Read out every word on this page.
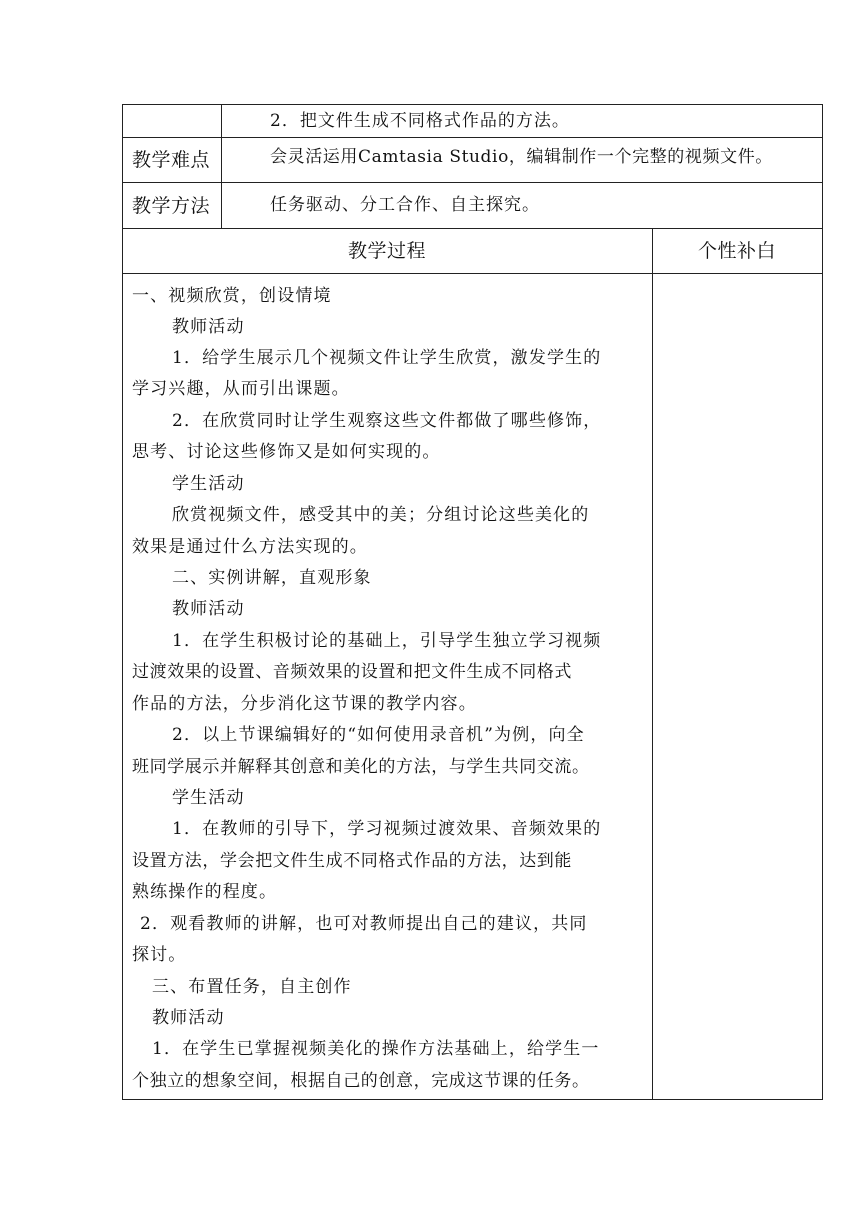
2．把文件生成不同格式作品的方法。
教学难点	会灵活运用Camtasia Studio，编辑制作一个完整的视频文件。
教学方法	任务驱动、分工合作、自主探究。
教学过程	个性补白
一、视频欣赏，创设情境
教师活动
1．给学生展示几个视频文件让学生欣赏，激发学生的
学习兴趣，从而引出课题。
2．在欣赏同时让学生观察这些文件都做了哪些修饰，
思考、讨论这些修饰又是如何实现的。
学生活动
欣赏视频文件，感受其中的美；分组讨论这些美化的
效果是通过什么方法实现的。
二、实例讲解，直观形象
教师活动
1．在学生积极讨论的基础上，引导学生独立学习视频
过渡效果的设置、音频效果的设置和把文件生成不同格式
作品的方法，分步消化这节课的教学内容。
2．以上节课编辑好的“如何使用录音机”为例，向全
班同学展示并解释其创意和美化的方法，与学生共同交流。
学生活动
1．在教师的引导下，学习视频过渡效果、音频效果的
设置方法，学会把文件生成不同格式作品的方法，达到能
熟练操作的程度。
2．观看教师的讲解，也可对教师提出自己的建议，共同
探讨。
三、布置任务，自主创作
教师活动
1．在学生已掌握视频美化的操作方法基础上，给学生一
个独立的想象空间，根据自己的创意，完成这节课的任务。
